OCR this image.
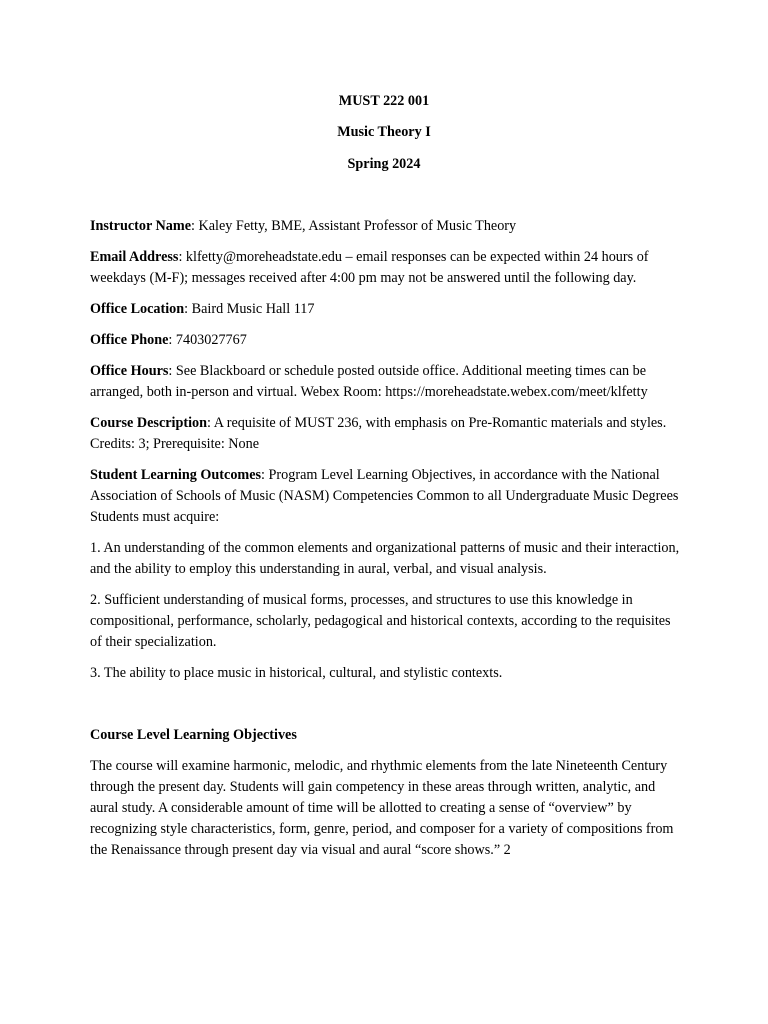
MUST 222 001
Music Theory I
Spring 2024

Instructor Name: Kaley Fetty, BME, Assistant Professor of Music Theory

Email Address: klfetty@moreheadstate.edu – email responses can be expected within 24 hours of weekdays (M-F); messages received after 4:00 pm may not be answered until the following day.

Office Location: Baird Music Hall 117

Office Phone: 7403027767

Office Hours: See Blackboard or schedule posted outside office. Additional meeting times can be arranged, both in-person and virtual. Webex Room: https://moreheadstate.webex.com/meet/klfetty

Course Description: A requisite of MUST 236, with emphasis on Pre-Romantic materials and styles. Credits: 3; Prerequisite: None

Student Learning Outcomes: Program Level Learning Objectives, in accordance with the National Association of Schools of Music (NASM) Competencies Common to all Undergraduate Music Degrees Students must acquire:

1. An understanding of the common elements and organizational patterns of music and their interaction, and the ability to employ this understanding in aural, verbal, and visual analysis.

2. Sufficient understanding of musical forms, processes, and structures to use this knowledge in compositional, performance, scholarly, pedagogical and historical contexts, according to the requisites of their specialization.

3. The ability to place music in historical, cultural, and stylistic contexts.

Course Level Learning Objectives

The course will examine harmonic, melodic, and rhythmic elements from the late Nineteenth Century through the present day. Students will gain competency in these areas through written, analytic, and aural study. A considerable amount of time will be allotted to creating a sense of “overview” by recognizing style characteristics, form, genre, period, and composer for a variety of compositions from the Renaissance through present day via visual and aural “score shows.” 2
